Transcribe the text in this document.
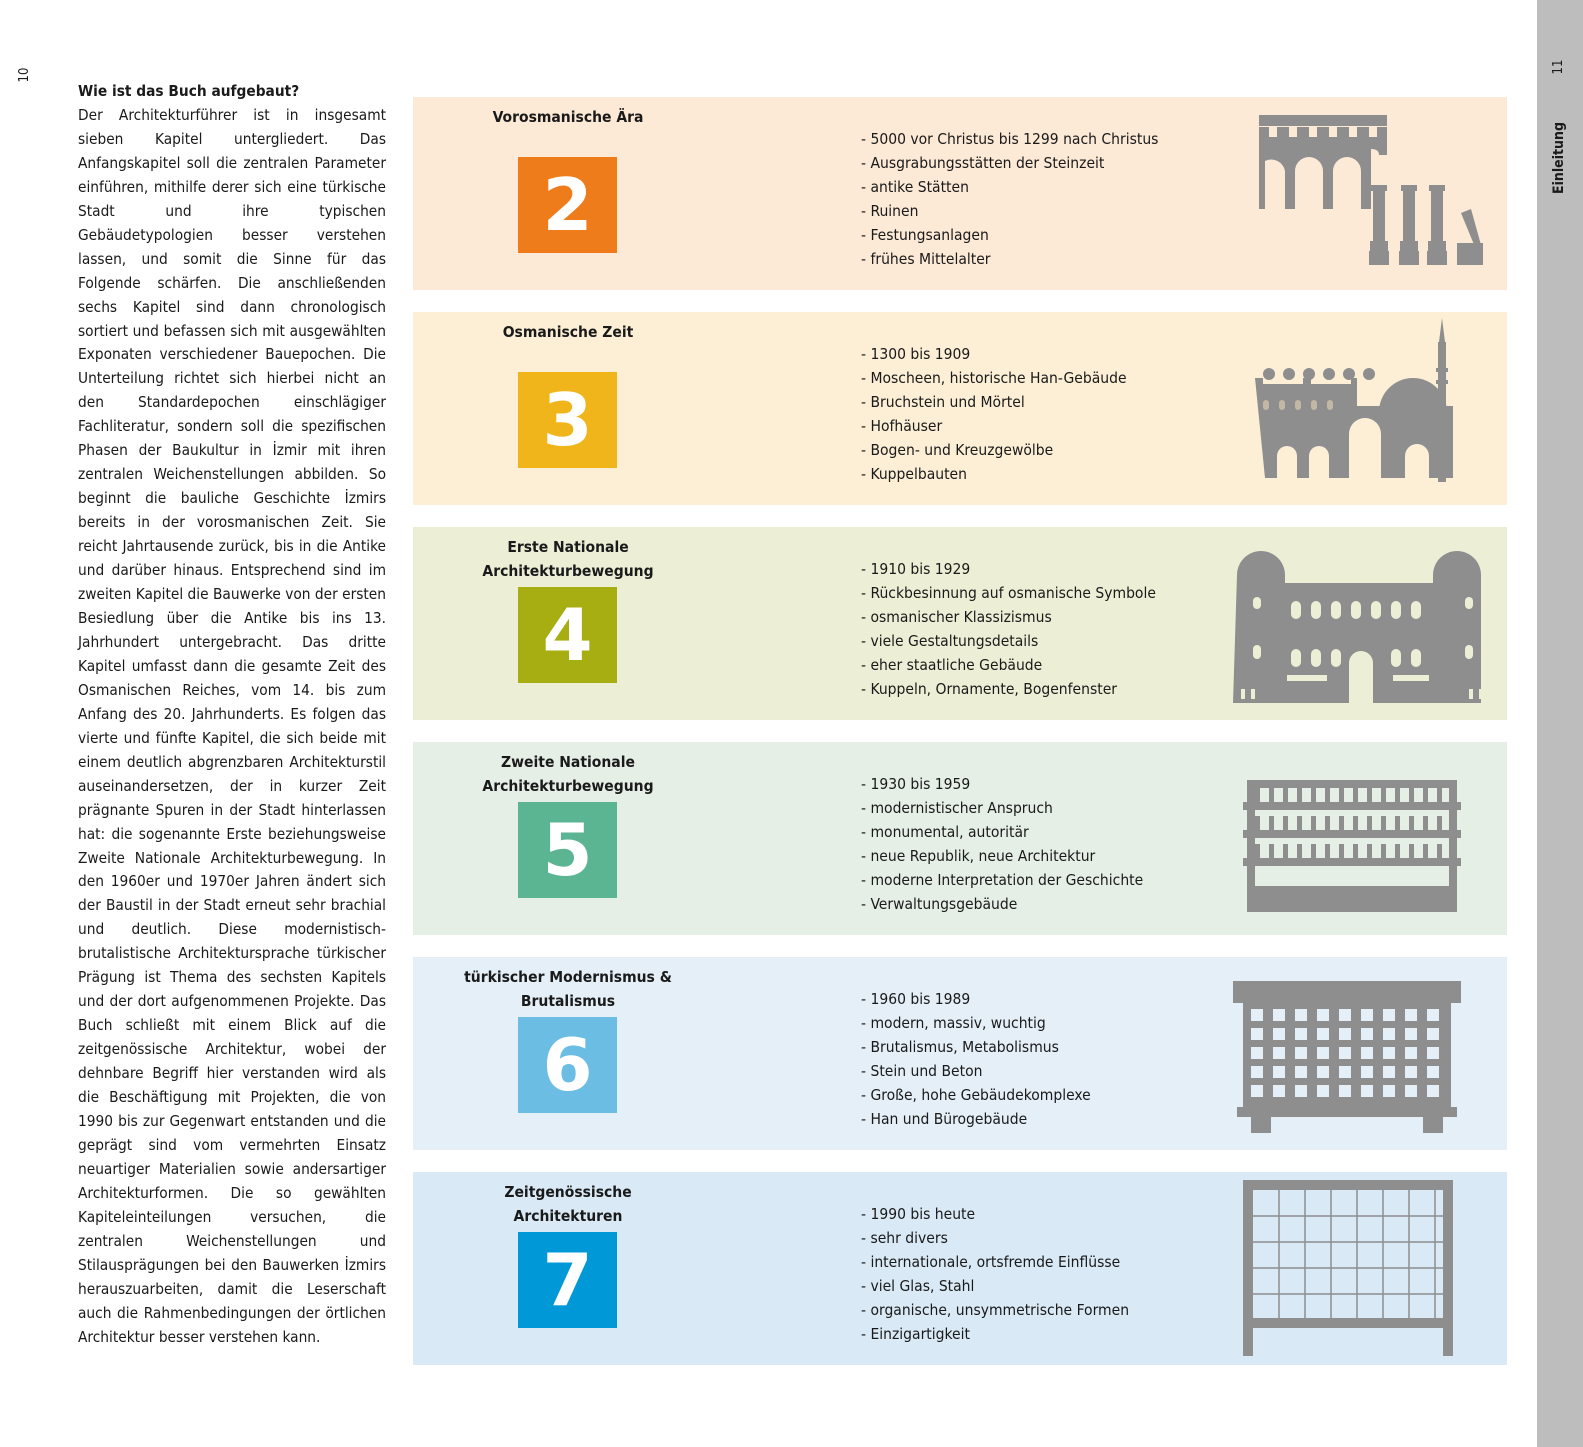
10
Wie ist das Buch aufgebaut?

Der Architekturführer ist in insgesamt sieben Kapitel untergliedert. Das Anfangskapitel soll die zentralen Parameter einführen, mithilfe derer sich eine türkische Stadt und ihre typischen Gebäudetypologien besser verstehen lassen, und somit die Sinne für das Folgende schärfen. Die anschließenden sechs Kapitel sind dann chronologisch sortiert und befassen sich mit ausgewählten Exponaten verschiedener Bauepochen. Die Unterteilung richtet sich hierbei nicht an den Standardepochen einschlägiger Fachliteratur, sondern soll die spezifischen Phasen der Baukultur in İzmir mit ihren zentralen Weichenstellungen abbilden. So beginnt die bauliche Geschichte İzmirs bereits in der vorosmanischen Zeit. Sie reicht Jahrtausende zurück, bis in die Antike und darüber hinaus. Entsprechend sind im zweiten Kapitel die Bauwerke von der ersten Besiedlung über die Antike bis ins 13. Jahrhundert untergebracht. Das dritte Kapitel umfasst dann die gesamte Zeit des Osmanischen Reiches, vom 14. bis zum Anfang des 20. Jahrhunderts. Es folgen das vierte und fünfte Kapitel, die sich beide mit einem deutlich abgrenzbaren Architekturstil auseinandersetzen, der in kurzer Zeit prägnante Spuren in der Stadt hinterlassen hat: die sogenannte Erste beziehungsweise Zweite Nationale Architekturbewegung. In den 1960er und 1970er Jahren ändert sich der Baustil in der Stadt erneut sehr brachial und deutlich. Diese modernistisch-brutalistische Architektursprache türkischer Prägung ist Thema des sechsten Kapitels und der dort aufgenommenen Projekte. Das Buch schließt mit einem Blick auf die zeitgenössische Architektur, wobei der dehnbare Begriff hier verstanden wird als die Beschäftigung mit Projekten, die von 1990 bis zur Gegenwart entstanden und die geprägt sind vom vermehrten Einsatz neuartiger Materialien sowie andersartiger Architekturformen. Die so gewählten Kapiteleinteilungen versuchen, die zentralen Weichenstellungen und Stilausprägungen bei den Bauwerken İzmirs herauszuarbeiten, damit die Leserschaft auch die Rahmenbedingungen der örtlichen Architektur besser verstehen kann.

11
Einleitung
Vorosmanische Ära
2
- 5000 vor Christus bis 1299 nach Christus
- Ausgrabungsstätten der Steinzeit
- antike Stätten
- Ruinen
- Festungsanlagen
- frühes Mittelalter
Osmanische Zeit
3
- 1300 bis 1909
- Moscheen, historische Han-Gebäude
- Bruchstein und Mörtel
- Hofhäuser
- Bogen- und Kreuzgewölbe
- Kuppelbauten
Erste Nationale Architekturbewegung
4
- 1910 bis 1929
- Rückbesinnung auf osmanische Symbole
- osmanischer Klassizismus
- viele Gestaltungsdetails
- eher staatliche Gebäude
- Kuppeln, Ornamente, Bogenfenster
Zweite Nationale Architekturbewegung
5
- 1930 bis 1959
- modernistischer Anspruch
- monumental, autoritär
- neue Republik, neue Architektur
- moderne Interpretation der Geschichte
- Verwaltungsgebäude
türkischer Modernismus & Brutalismus
6
- 1960 bis 1989
- modern, massiv, wuchtig
- Brutalismus, Metabolismus
- Stein und Beton
- Große, hohe Gebäudekomplexe
- Han und Bürogebäude
Zeitgenössische Architekturen
7
- 1990 bis heute
- sehr divers
- internationale, ortsfremde Einflüsse
- viel Glas, Stahl
- organische, unsymmetrische Formen
- Einzigartigkeit
